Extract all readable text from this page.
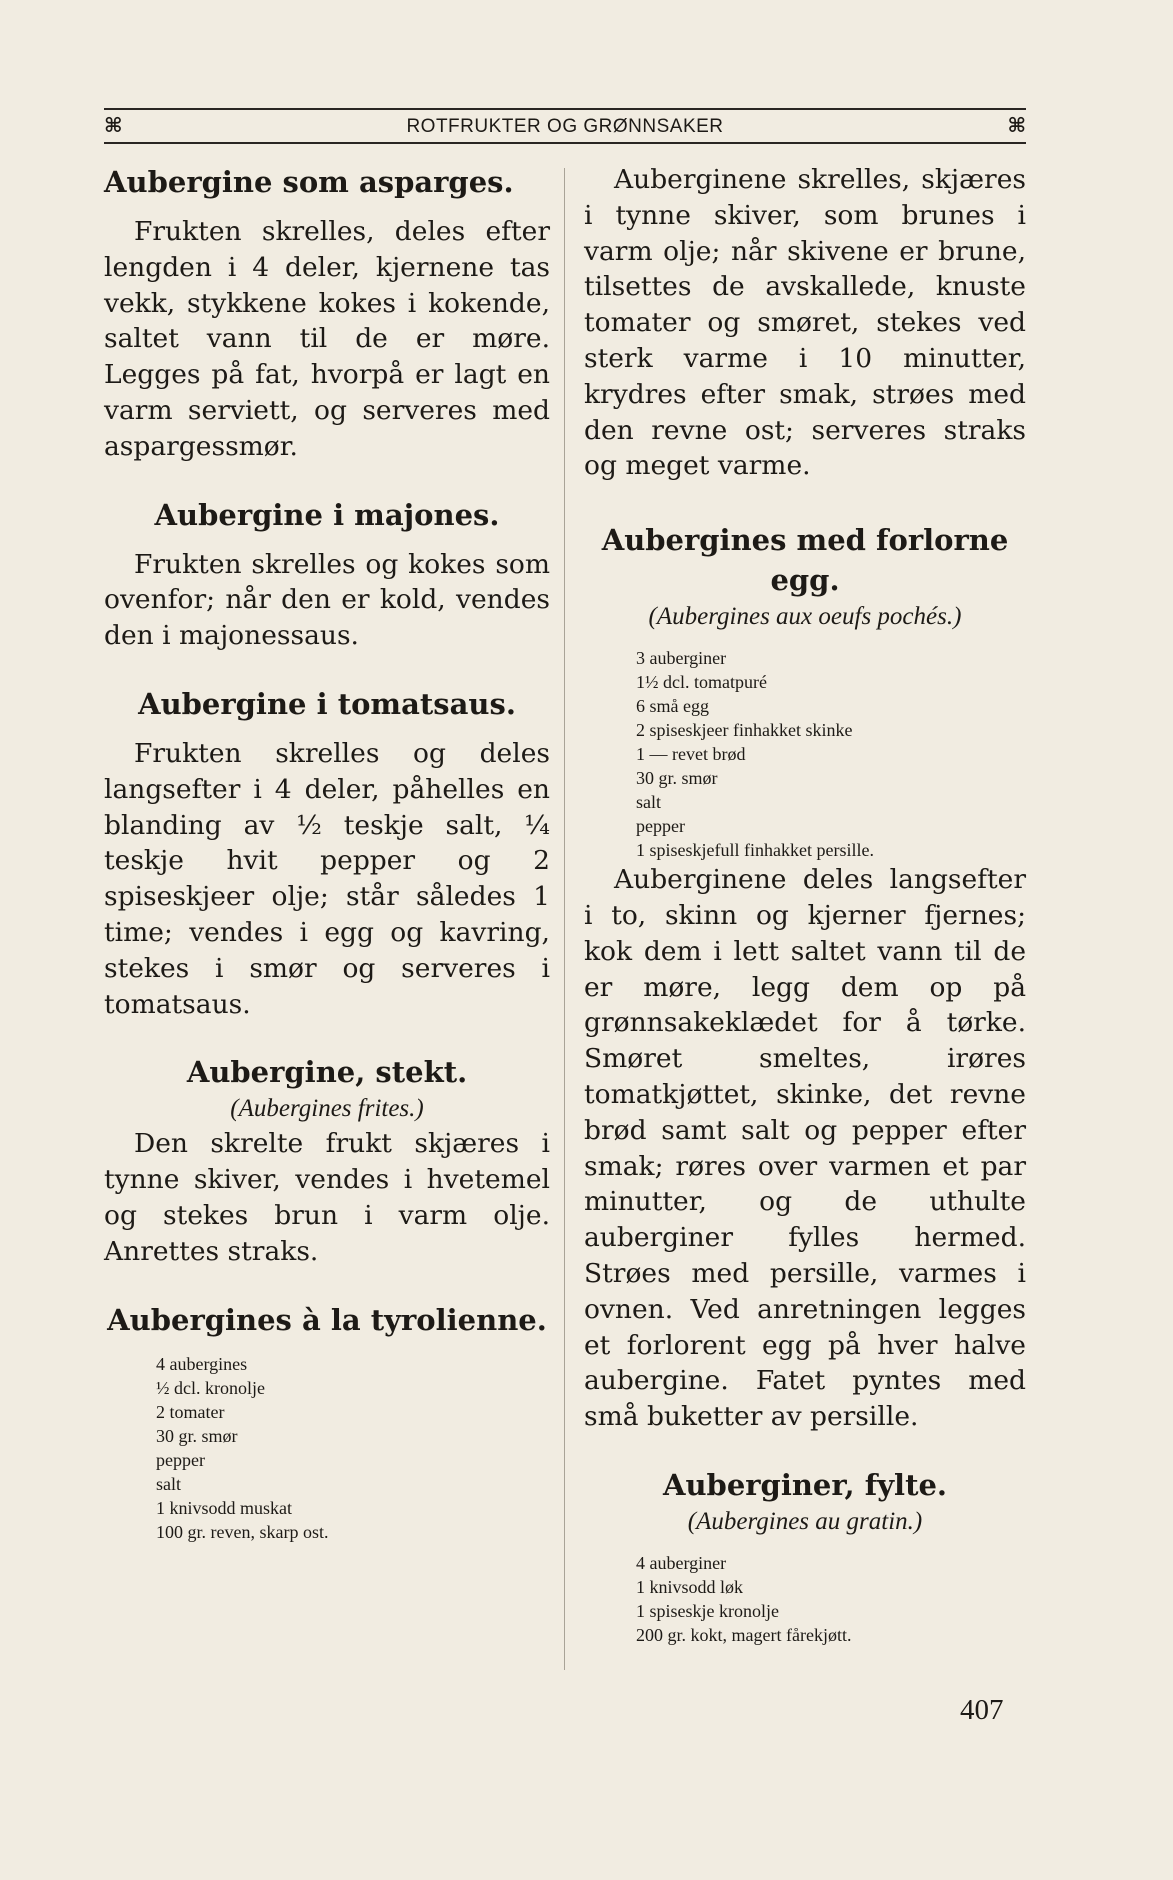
⌘	ROTFRUKTER OG GRØNNSAKER	⌘
Aubergine som asparges.

Frukten skrelles, deles efter lengden i 4 deler, kjernene tas vekk, stykkene kokes i kokende, saltet vann til de er møre. Legges på fat, hvorpå er lagt en varm serviett, og serveres med aspargessmør.

Aubergine i majones.

Frukten skrelles og kokes som ovenfor; når den er kold, vendes den i majonessaus.

Aubergine i tomatsaus.

Frukten skrelles og deles langsefter i 4 deler, påhelles en blanding av ½ teskje salt, ¼ teskje hvit pepper og 2 spiseskjeer olje; står således 1 time; vendes i egg og kavring, stekes i smør og serveres i tomatsaus.

Aubergine, stekt.

(Aubergines frites.)

Den skrelte frukt skjæres i tynne skiver, vendes i hvetemel og stekes brun i varm olje. Anrettes straks.

Aubergines à la tyrolienne.
4 aubergines
½ dcl. kronolje
2 tomater
30 gr. smør
pepper
salt
1 knivsodd muskat
100 gr. reven, skarp ost.

Auberginene skrelles, skjæres i tynne skiver, som brunes i varm olje; når skivene er brune, tilsettes de avskallede, knuste tomater og smøret, stekes ved sterk varme i 10 minutter, krydres efter smak, strøes med den revne ost; serveres straks og meget varme.

Aubergines med forlorne egg.

(Aubergines aux oeufs pochés.)

3 auberginer
1½ dcl. tomatpuré
6 små egg
2 spiseskjeer finhakket skinke
1 — revet brød
30 gr. smør
salt
pepper
1 spiseskjefull finhakket persille.

Auberginene deles langsefter i to, skinn og kjerner fjernes; kok dem i lett saltet vann til de er møre, legg dem op på grønnsakeklædet for å tørke. Smøret smeltes, irøres tomatkjøttet, skinke, det revne brød samt salt og pepper efter smak; røres over varmen et par minutter, og de uthulte auberginer fylles hermed. Strøes med persille, varmes i ovnen. Ved anretningen legges et forlorent egg på hver halve aubergine. Fatet pyntes med små buketter av persille.

Auberginer, fylte.

(Aubergines au gratin.)

4 auberginer
1 knivsodd løk
1 spiseskje kronolje
200 gr. kokt, magert fårekjøtt.
407
